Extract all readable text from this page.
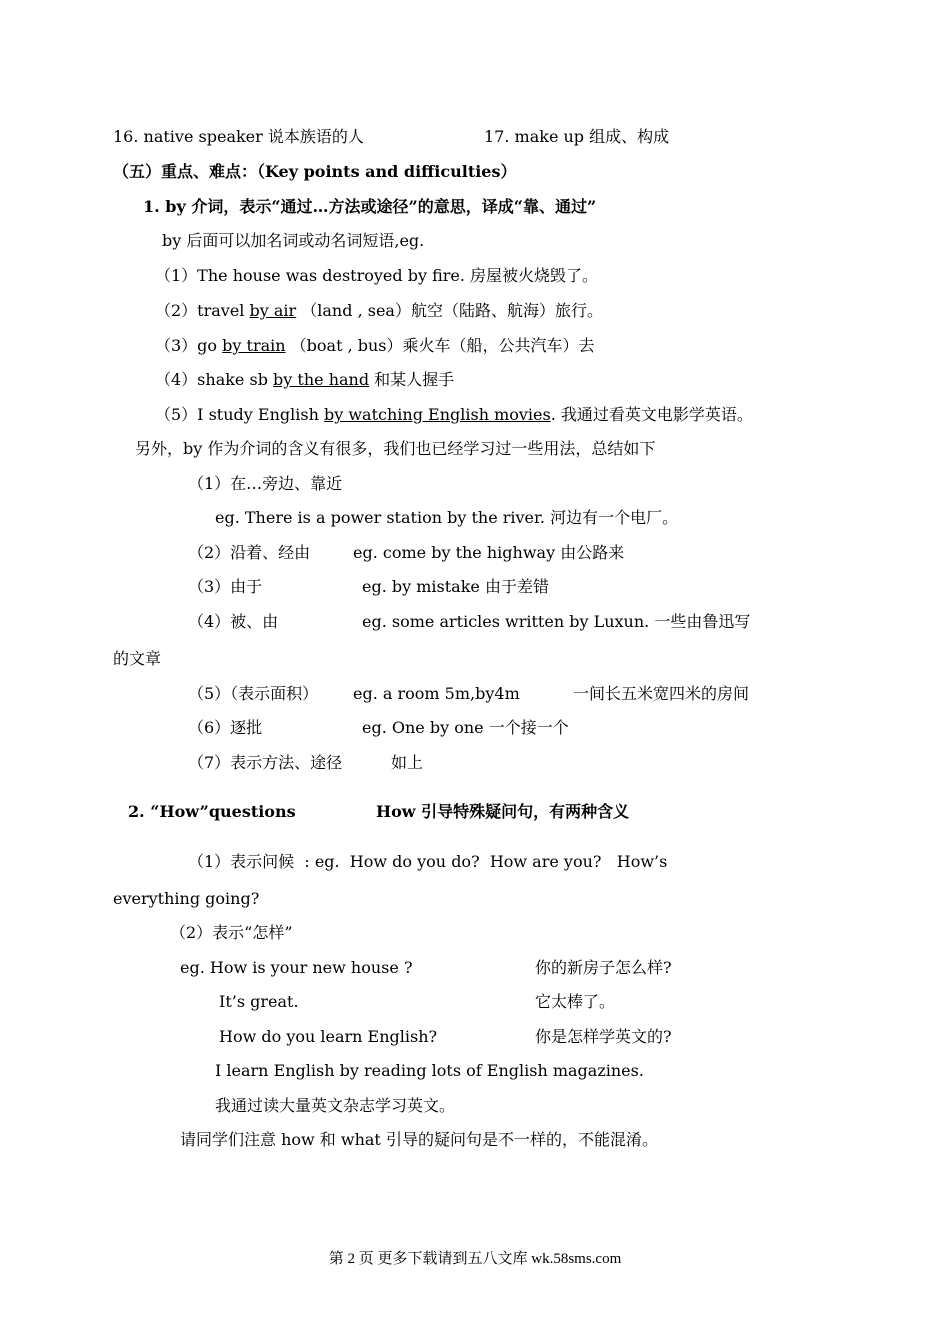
16. native speaker 说本族语的人	17. make up 组成、构成
（五）重点、难点：（Key points and difficulties）
1. by 介词，表示“通过…方法或途径”的意思，译成“靠、通过”
by 后面可以加名词或动名词短语,eg.
（1）The house was destroyed by fire. 房屋被火烧毁了。
（2）travel by air （land , sea）航空（陆路、航海）旅行。
（3）go by train （boat , bus）乘火车（船，公共汽车）去
（4）shake sb by the hand 和某人握手
（5）I study English by watching English movies. 我通过看英文电影学英语。
另外，by 作为介词的含义有很多，我们也已经学习过一些用法，总结如下
（1）在…旁边、靠近
eg. There is a power station by the river. 河边有一个电厂。
（2）沿着、经由	eg. come by the highway 由公路来
（3）由于	eg. by mistake 由于差错
（4）被、由	eg. some articles written by Luxun. 一些由鲁迅写
的文章
（5）（表示面积） eg. a room 5m,by4m	一间长五米宽四米的房间
（6）逐批	eg. One by one 一个接一个
（7）表示方法、途径	如上
2. “How”questions	How 引导特殊疑问句，有两种含义
（1）表示问候  : eg.  How do you do?  How are you?   How’s
everything going?
（2）表示“怎样”
eg. How is your new house ?	你的新房子怎么样?
It’s great.	它太棒了。
How do you learn English?	你是怎样学英文的?
I learn English by reading lots of English magazines.
我通过读大量英文杂志学习英文。
请同学们注意 how 和 what 引导的疑问句是不一样的，不能混淆。
第 2 页 更多下载请到五八文库 wk.58sms.com
